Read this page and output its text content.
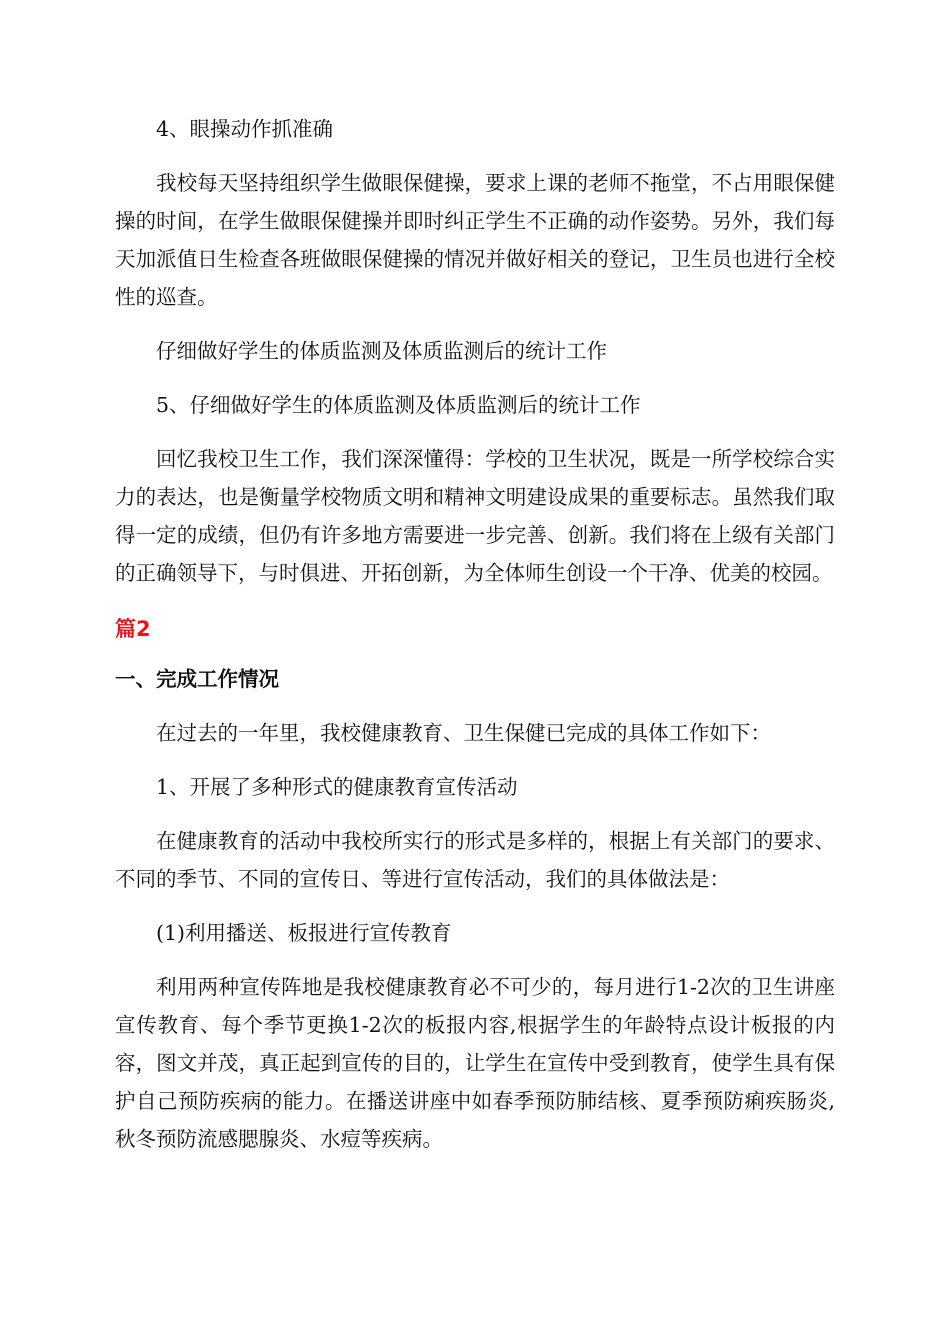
4、眼操动作抓准确

我校每天坚持组织学生做眼保健操，要求上课的老师不拖堂，不占用眼保健操的时间，在学生做眼保健操并即时纠正学生不正确的动作姿势。另外，我们每天加派值日生检查各班做眼保健操的情况并做好相关的登记，卫生员也进行全校性的巡查。

仔细做好学生的体质监测及体质监测后的统计工作

5、仔细做好学生的体质监测及体质监测后的统计工作

回忆我校卫生工作，我们深深懂得：学校的卫生状况，既是一所学校综合实力的表达，也是衡量学校物质文明和精神文明建设成果的重要标志。虽然我们取得一定的成绩，但仍有许多地方需要进一步完善、创新。我们将在上级有关部门的正确领导下，与时俱进、开拓创新，为全体师生创设一个干净、优美的校园。

篇2
一、完成工作情况

在过去的一年里，我校健康教育、卫生保健已完成的具体工作如下：

1、开展了多种形式的健康教育宣传活动

在健康教育的活动中我校所实行的形式是多样的，根据上有关部门的要求、不同的季节、不同的宣传日、等进行宣传活动，我们的具体做法是：

(1)利用播送、板报进行宣传教育

利用两种宣传阵地是我校健康教育必不可少的，每月进行1-2次的卫生讲座宣传教育、每个季节更换1-2次的板报内容,根据学生的年龄特点设计板报的内容，图文并茂，真正起到宣传的目的，让学生在宣传中受到教育，使学生具有保护自己预防疾病的能力。在播送讲座中如春季预防肺结核、夏季预防痢疾肠炎,秋冬预防流感腮腺炎、水痘等疾病。
